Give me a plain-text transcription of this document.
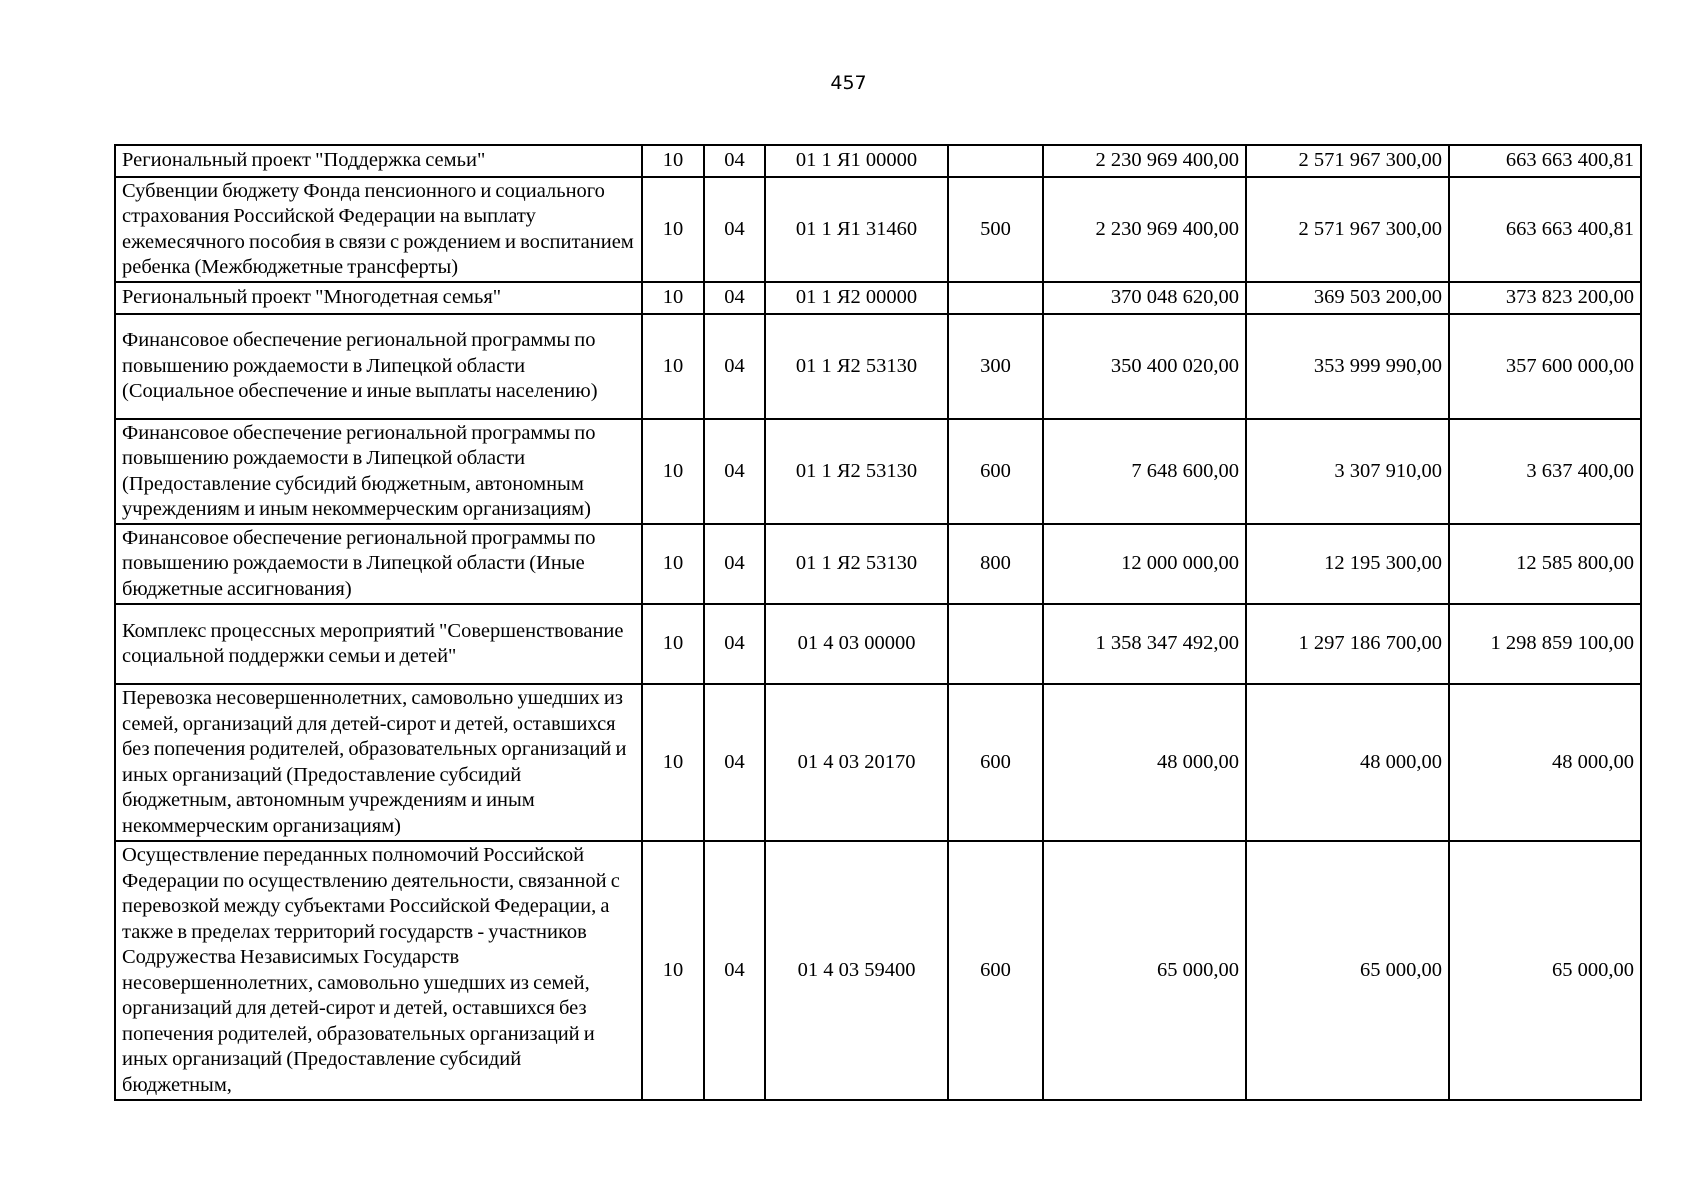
457
Региональный проект "Поддержка семьи"	10	04	01 1 Я1 00000		2 230 969 400,00	2 571 967 300,00	663 663 400,81
Субвенции бюджету Фонда пенсионного и социального страхования Российской Федерации на выплату ежемесячного пособия в связи с рождением и воспитанием ребенка (Межбюджетные трансферты)	10	04	01 1 Я1 31460	500	2 230 969 400,00	2 571 967 300,00	663 663 400,81
Региональный проект "Многодетная семья"	10	04	01 1 Я2 00000		370 048 620,00	369 503 200,00	373 823 200,00
Финансовое обеспечение региональной программы по повышению рождаемости в Липецкой области (Социальное обеспечение и иные выплаты населению)	10	04	01 1 Я2 53130	300	350 400 020,00	353 999 990,00	357 600 000,00
Финансовое обеспечение региональной программы по повышению рождаемости в Липецкой области (Предоставление субсидий бюджетным, автономным учреждениям и иным некоммерческим организациям)	10	04	01 1 Я2 53130	600	7 648 600,00	3 307 910,00	3 637 400,00
Финансовое обеспечение региональной программы по повышению рождаемости в Липецкой области (Иные бюджетные ассигнования)	10	04	01 1 Я2 53130	800	12 000 000,00	12 195 300,00	12 585 800,00
Комплекс процессных мероприятий "Совершенствование социальной поддержки семьи и детей"	10	04	01 4 03 00000		1 358 347 492,00	1 297 186 700,00	1 298 859 100,00
Перевозка несовершеннолетних, самовольно ушедших из семей, организаций для детей-сирот и детей, оставшихся без попечения родителей, образовательных организаций и иных организаций (Предоставление субсидий бюджетным, автономным учреждениям и иным некоммерческим организациям)	10	04	01 4 03 20170	600	48 000,00	48 000,00	48 000,00
Осуществление переданных полномочий Российской Федерации по осуществлению деятельности, связанной с перевозкой между субъектами Российской Федерации, а также в пределах территорий государств - участников Содружества Независимых Государств несовершеннолетних, самовольно ушедших из семей, организаций для детей-сирот и детей, оставшихся без попечения родителей, образовательных организаций и иных организаций (Предоставление субсидий бюджетным,	10	04	01 4 03 59400	600	65 000,00	65 000,00	65 000,00
